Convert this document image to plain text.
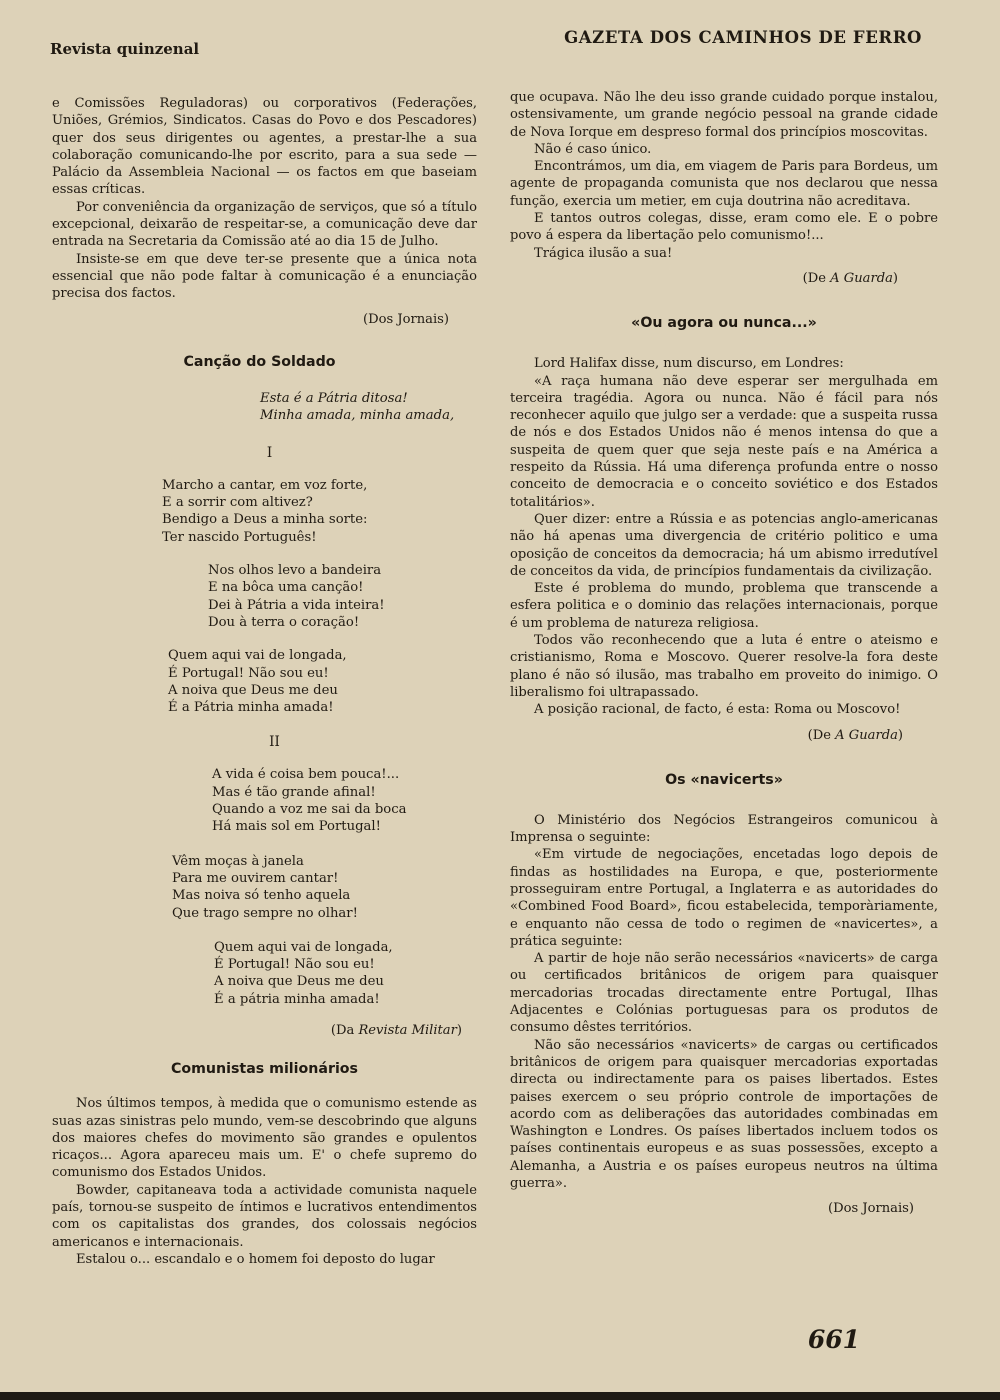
Revista quinzenal
GAZETA DOS CAMINHOS DE FERRO

e Comissões Reguladoras) ou corporativos (Federações, Uniões, Grémios, Sindicatos. Casas do Povo e dos Pescadores) quer dos seus dirigentes ou agentes, a prestar-lhe a sua colaboração comunicando-lhe por escrito, para a sua sede — Palácio da Assembleia Nacional — os factos em que baseiam essas críticas.

Por conveniência da organização de serviços, que só a título excepcional, deixarão de respeitar-se, a comunicação deve dar entrada na Secretaria da Comissão até ao dia 15 de Julho.

Insiste-se em que deve ter-se presente que a única nota essencial que não pode faltar à comunicação é a enunciação precisa dos factos.

(Dos Jornais)
Canção do Soldado
Esta é a Pátria ditosa!
Minha amada, minha amada,
I
Marcho a cantar, em voz forte,
E a sorrir com altivez?
Bendigo a Deus a minha sorte:
Ter nascido Português!
Nos olhos levo a bandeira
E na bôca uma canção!
Dei à Pátria a vida inteira!
Dou à terra o coração!
Quem aqui vai de longada,
É Portugal! Não sou eu!
A noiva que Deus me deu
É a Pátria minha amada!
II
A vida é coisa bem pouca!...
Mas é tão grande afinal!
Quando a voz me sai da boca
Há mais sol em Portugal!
Vêm moças à janela
Para me ouvirem cantar!
Mas noiva só tenho aquela
Que trago sempre no olhar!
Quem aqui vai de longada,
É Portugal! Não sou eu!
A noiva que Deus me deu
É a pátria minha amada!
(Da Revista Militar)
Comunistas milionários

Nos últimos tempos, à medida que o comunismo estende as suas azas sinistras pelo mundo, vem-se descobrindo que alguns dos maiores chefes do movimento são grandes e opulentos ricaços... Agora apareceu mais um. E' o chefe supremo do comunismo dos Estados Unidos.

Bowder, capitaneava toda a actividade comunista naquele país, tornou-se suspeito de íntimos e lucrativos entendimentos com os capitalistas dos grandes, dos colossais negócios americanos e internacionais.

Estalou o... escandalo e o homem foi deposto do lugar

que ocupava. Não lhe deu isso grande cuidado porque instalou, ostensivamente, um grande negócio pessoal na grande cidade de Nova Iorque em despreso formal dos princípios moscovitas.

Não é caso único.

Encontrámos, um dia, em viagem de Paris para Bordeus, um agente de propaganda comunista que nos declarou que nessa função, exercia um metier, em cuja doutrina não acreditava.

E tantos outros colegas, disse, eram como ele. E o pobre povo á espera da libertação pelo comunismo!...

Trágica ilusão a sua!

(De A Guarda)
«Ou agora ou nunca...»

Lord Halifax disse, num discurso, em Londres:

«A raça humana não deve esperar ser mergulhada em terceira tragédia. Agora ou nunca. Não é fácil para nós reconhecer aquilo que julgo ser a verdade: que a suspeita russa de nós e dos Estados Unidos não é menos intensa do que a suspeita de quem quer que seja neste país e na América a respeito da Rússia. Há uma diferença profunda entre o nosso conceito de democracia e o conceito soviético e dos Estados totalitários».

Quer dizer: entre a Rússia e as potencias anglo-americanas não há apenas uma divergencia de critério politico e uma oposição de conceitos da democracia; há um abismo irredutível de conceitos da vida, de princípios fundamentais da civilização.

Este é problema do mundo, problema que transcende a esfera politica e o dominio das relações internacionais, porque é um problema de natureza religiosa.

Todos vão reconhecendo que a luta é entre o ateismo e cristianismo, Roma e Moscovo. Querer resolve-la fora deste plano é não só ilusão, mas trabalho em proveito do inimigo. O liberalismo foi ultrapassado.

A posição racional, de facto, é esta: Roma ou Moscovo!

(De A Guarda)
Os «navicerts»

O Ministério dos Negócios Estrangeiros comunicou à Imprensa o seguinte:

«Em virtude de negociações, encetadas logo depois de findas as hostilidades na Europa, e que, posteriormente prosseguiram entre Portugal, a Inglaterra e as autoridades do «Combined Food Board», ficou estabelecida, temporàriamente, e enquanto não cessa de todo o regimen de «navicertes», a prática seguinte:

A partir de hoje não serão necessários «navicerts» de carga ou certificados britânicos de origem para quaisquer mercadorias trocadas directamente entre Portugal, Ilhas Adjacentes e Colónias portuguesas para os produtos de consumo dêstes territórios.

Não são necessários «navicerts» de cargas ou certificados britânicos de origem para quaisquer mercadorias exportadas directa ou indirectamente para os paises libertados. Estes paises exercem o seu próprio controle de importações de acordo com as deliberações das autoridades combinadas em Washington e Londres. Os países libertados incluem todos os países continentais europeus e as suas possessões, excepto a Alemanha, a Austria e os países europeus neutros na última guerra».

(Dos Jornais)
661
